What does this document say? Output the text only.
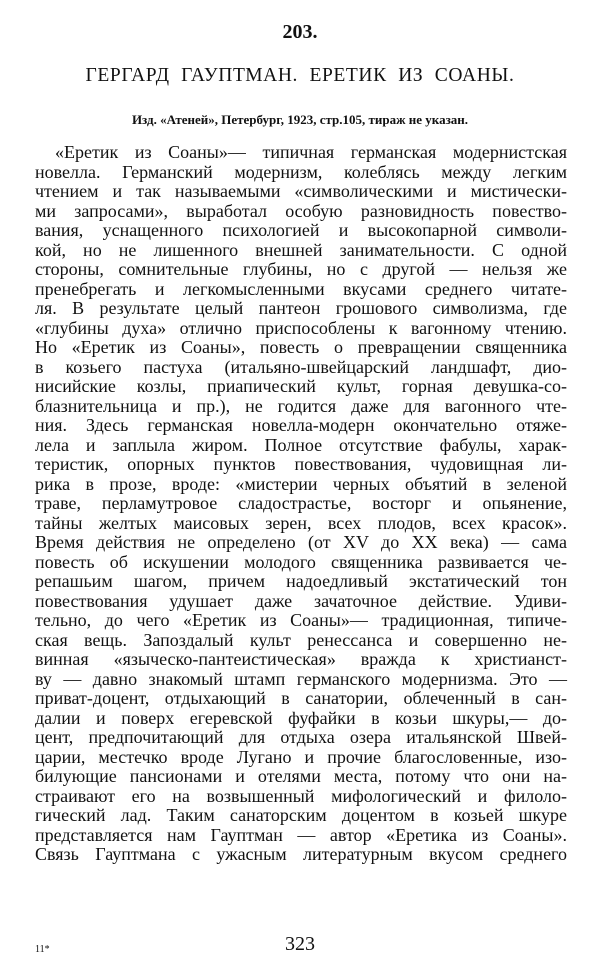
203.
ГЕРГАРД ГАУПТМАН. ЕРЕТИК ИЗ СОАНЫ.
Изд. «Атеней», Петербург, 1923, стр.105, тираж не указан.
«Еретик из Соаны»— типичная германская модернистская
новелла. Германский модернизм, колеблясь между легким
чтением и так называемыми «символическими и мистически-
ми запросами», выработал особую разновидность повество-
вания, уснащенного психологией и высокопарной символи-
кой, но не лишенного внешней занимательности. С одной
стороны, сомнительные глубины, но с другой — нельзя же
пренебрегать и легкомысленными вкусами среднего читате-
ля. В результате целый пантеон грошового символизма, где
«глубины духа» отлично приспособлены к вагонному чтению.
Но «Еретик из Соаны», повесть о превращении священника
в козьего пастуха (итальяно-швейцарский ландшафт, дио-
нисийские козлы, приапический культ, горная девушка-со-
блазнительница и пр.), не годится даже для вагонного чте-
ния. Здесь германская новелла-модерн окончательно отяже-
лела и заплыла жиром. Полное отсутствие фабулы, харак-
теристик, опорных пунктов повествования, чудовищная ли-
рика в прозе, вроде: «мистерии черных объятий в зеленой
траве, перламутровое сладострастье, восторг и опьянение,
тайны желтых маисовых зерен, всех плодов, всех красок».
Время действия не определено (от XV до XX века) — сама
повесть об искушении молодого священника развивается че-
репашьим шагом, причем надоедливый экстатический тон
повествования удушает даже зачаточное действие. Удиви-
тельно, до чего «Еретик из Соаны»— традиционная, типиче-
ская вещь. Запоздалый культ ренессанса и совершенно не-
винная «языческо-пантеистическая» вражда к христианст-
ву — давно знакомый штамп германского модернизма. Это —
приват-доцент, отдыхающий в санатории, облеченный в сан-
далии и поверх егеревской фуфайки в козьи шкуры,— до-
цент, предпочитающий для отдыха озера итальянской Швей-
царии, местечко вроде Лугано и прочие благословенные, изо-
билующие пансионами и отелями места, потому что они на-
страивают его на возвышенный мифологический и филоло-
гический лад. Таким санаторским доцентом в козьей шкуре
представляется нам Гауптман — автор «Еретика из Соаны».
Связь Гауптмана с ужасным литературным вкусом среднего
323
11*
